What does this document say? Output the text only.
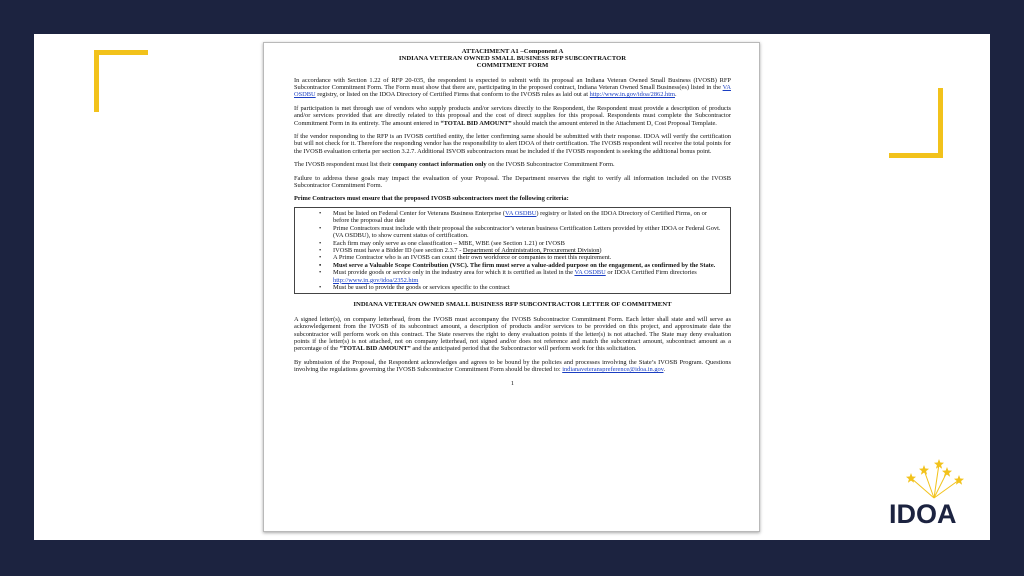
ATTACHMENT A1 –Component A
INDIANA VETERAN OWNED SMALL BUSINESS RFP SUBCONTRACTOR
COMMITMENT FORM

In accordance with Section 1.22 of RFP 20-035, the respondent is expected to submit with its proposal an Indiana Veteran Owned Small Business (IVOSB) RFP Subcontractor Commitment Form. The Form must show that there are, participating in the proposed contract, Indiana Veteran Owned Small Business(es) listed in the VA OSDBU registry, or listed on the IDOA Directory of Certified Firms that conform to the IVOSB rules as laid out at http://www.in.gov/idoa/2862.htm.

If participation is met through use of vendors who supply products and/or services directly to the Respondent, the Respondent must provide a description of products and/or services provided that are directly related to this proposal and the cost of direct supplies for this proposal. Respondents must complete the Subcontractor Commitment Form in its entirety. The amount entered in “TOTAL BID AMOUNT” should match the amount entered in the Attachment D, Cost Proposal Template.

If the vendor responding to the RFP is an IVOSB certified entity, the letter confirming same should be submitted with their response. IDOA will verify the certification but will not check for it. Therefore the responding vendor has the responsibility to alert IDOA of their certification. The IVOSB respondent will receive the total points for the IVOSB evaluation criteria per section 3.2.7. Additional ISVOB subcontractors must be included if the IVOSB respondent is seeking the additional bonus point.

The IVOSB respondent must list their company contact information only on the IVOSB Subcontractor Commitment Form.

Failure to address these goals may impact the evaluation of your Proposal. The Department reserves the right to verify all information included on the IVOSB Subcontractor Commitment Form.

Prime Contractors must ensure that the proposed IVOSB subcontractors meet the following criteria:
• Must be listed on Federal Center for Veterans Business Enterprise (VA OSDBU) registry or listed on the IDOA Directory of Certified Firms, on or before the proposal due date
• Prime Contractors must include with their proposal the subcontractor’s veteran business Certification Letters provided by either IDOA or Federal Govt. (VA OSDBU), to show current status of certification.
• Each firm may only serve as one classification – MBE, WBE (see Section 1.21) or IVOSB
• IVOSB must have a Bidder ID (see section 2.3.7 - Department of Administration, Procurement Division)
• A Prime Contractor who is an IVOSB can count their own workforce or companies to meet this requirement.
• Must serve a Valuable Scope Contribution (VSC). The firm must serve a value-added purpose on the engagement, as confirmed by the State.
• Must provide goods or service only in the industry area for which it is certified as listed in the VA OSDBU or IDOA Certified Firm directories http://www.in.gov/idoa/2352.htm
• Must be used to provide the goods or services specific to the contract
INDIANA VETERAN OWNED SMALL BUSINESS RFP SUBCONTRACTOR LETTER OF COMMITMENT

A signed letter(s), on company letterhead, from the IVOSB must accompany the IVOSB Subcontractor Commitment Form. Each letter shall state and will serve as acknowledgement from the IVOSB of its subcontract amount, a description of products and/or services to be provided on this project, and approximate date the subcontractor will perform work on this contract. The State reserves the right to deny evaluation points if the letter(s) is not attached. The State may deny evaluation points if the letter(s) is not attached, not on company letterhead, not signed and/or does not reference and match the subcontract amount, subcontract amount as a percentage of the “TOTAL BID AMOUNT” and the anticipated period that the Subcontractor will perform work for this solicitation.

By submission of the Proposal, the Respondent acknowledges and agrees to be bound by the policies and processes involving the State’s IVOSB Program. Questions involving the regulations governing the IVOSB Subcontractor Commitment Form should be directed to: indianaveteranspreference@idoa.in.gov.

1
IDOA
